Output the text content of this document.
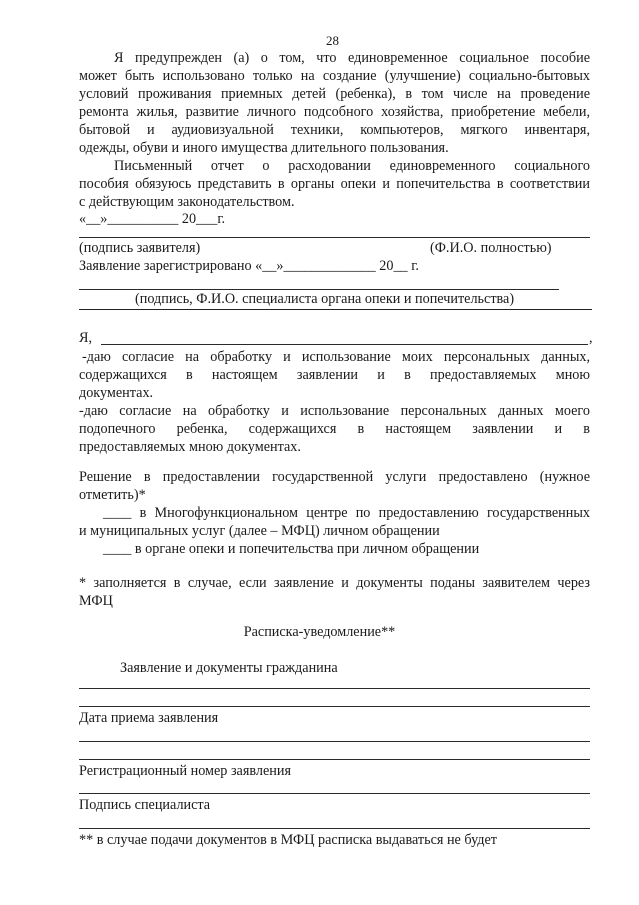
28
Я предупрежден (а) о том, что единовременное социальное пособие
может быть использовано только на создание (улучшение) социально-бытовых
условий проживания приемных детей (ребенка), в том числе на проведение
ремонта жилья, развитие личного подсобного хозяйства, приобретение мебели,
бытовой и аудиовизуальной техники, компьютеров, мягкого инвентаря,
одежды, обуви и иного имущества длительного пользования.
Письменный отчет о расходовании единовременного социального
пособия обязуюсь представить в органы опеки и попечительства в соответствии
с действующим законодательством.
«__»__________ 20___г.
(подпись заявителя)	(Ф.И.О. полностью)
Заявление зарегистрировано «__»_____________ 20__ г.
(подпись, Ф.И.О. специалиста органа опеки и попечительства)
Я,	,
-даю согласие на обработку и использование моих персональных данных,
содержащихся в настоящем заявлении и в предоставляемых мною
документах.
-даю согласие на обработку и использование персональных данных моего
подопечного ребенка, содержащихся в настоящем заявлении и в
предоставляемых мною документах.
Решение в предоставлении государственной услуги предоставлено (нужное
отметить)*
____ в Многофункциональном центре по предоставлению государственных
и муниципальных услуг (далее – МФЦ) личном обращении
____ в органе опеки и попечительства при личном обращении
* заполняется в случае, если заявление и документы поданы заявителем через
МФЦ
Расписка-уведомление**
Заявление и документы гражданина
Дата приема заявления
Регистрационный номер заявления
Подпись специалиста
** в случае подачи документов в МФЦ расписка выдаваться не будет
